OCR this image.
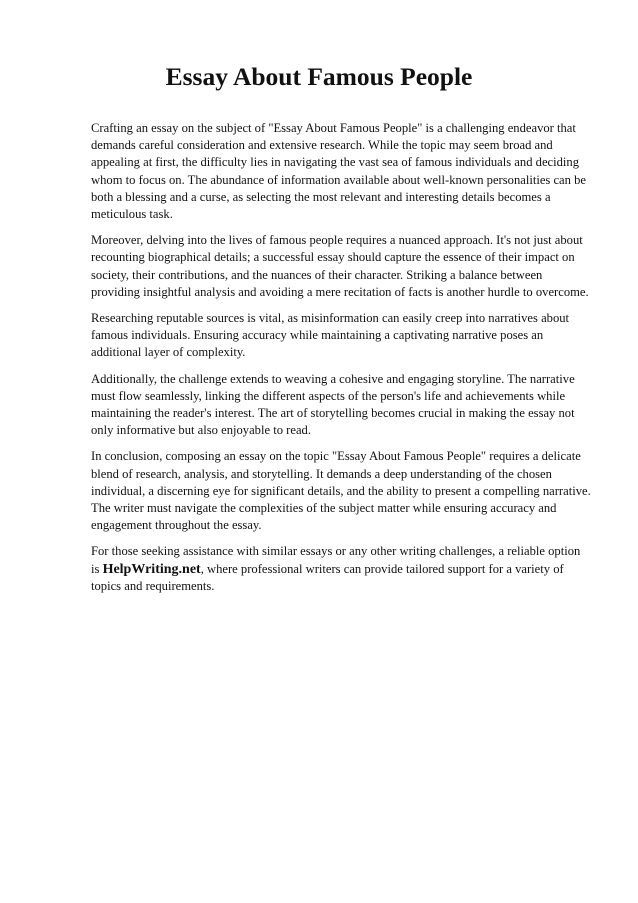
Essay About Famous People

Crafting an essay on the subject of "Essay About Famous People" is a challenging endeavor that demands careful consideration and extensive research. While the topic may seem broad and appealing at first, the difficulty lies in navigating the vast sea of famous individuals and deciding whom to focus on. The abundance of information available about well-known personalities can be both a blessing and a curse, as selecting the most relevant and interesting details becomes a meticulous task.

Moreover, delving into the lives of famous people requires a nuanced approach. It's not just about recounting biographical details; a successful essay should capture the essence of their impact on society, their contributions, and the nuances of their character. Striking a balance between providing insightful analysis and avoiding a mere recitation of facts is another hurdle to overcome.

Researching reputable sources is vital, as misinformation can easily creep into narratives about famous individuals. Ensuring accuracy while maintaining a captivating narrative poses an additional layer of complexity.

Additionally, the challenge extends to weaving a cohesive and engaging storyline. The narrative must flow seamlessly, linking the different aspects of the person's life and achievements while maintaining the reader's interest. The art of storytelling becomes crucial in making the essay not only informative but also enjoyable to read.

In conclusion, composing an essay on the topic "Essay About Famous People" requires a delicate blend of research, analysis, and storytelling. It demands a deep understanding of the chosen individual, a discerning eye for significant details, and the ability to present a compelling narrative. The writer must navigate the complexities of the subject matter while ensuring accuracy and engagement throughout the essay.

For those seeking assistance with similar essays or any other writing challenges, a reliable option is HelpWriting.net, where professional writers can provide tailored support for a variety of topics and requirements.
